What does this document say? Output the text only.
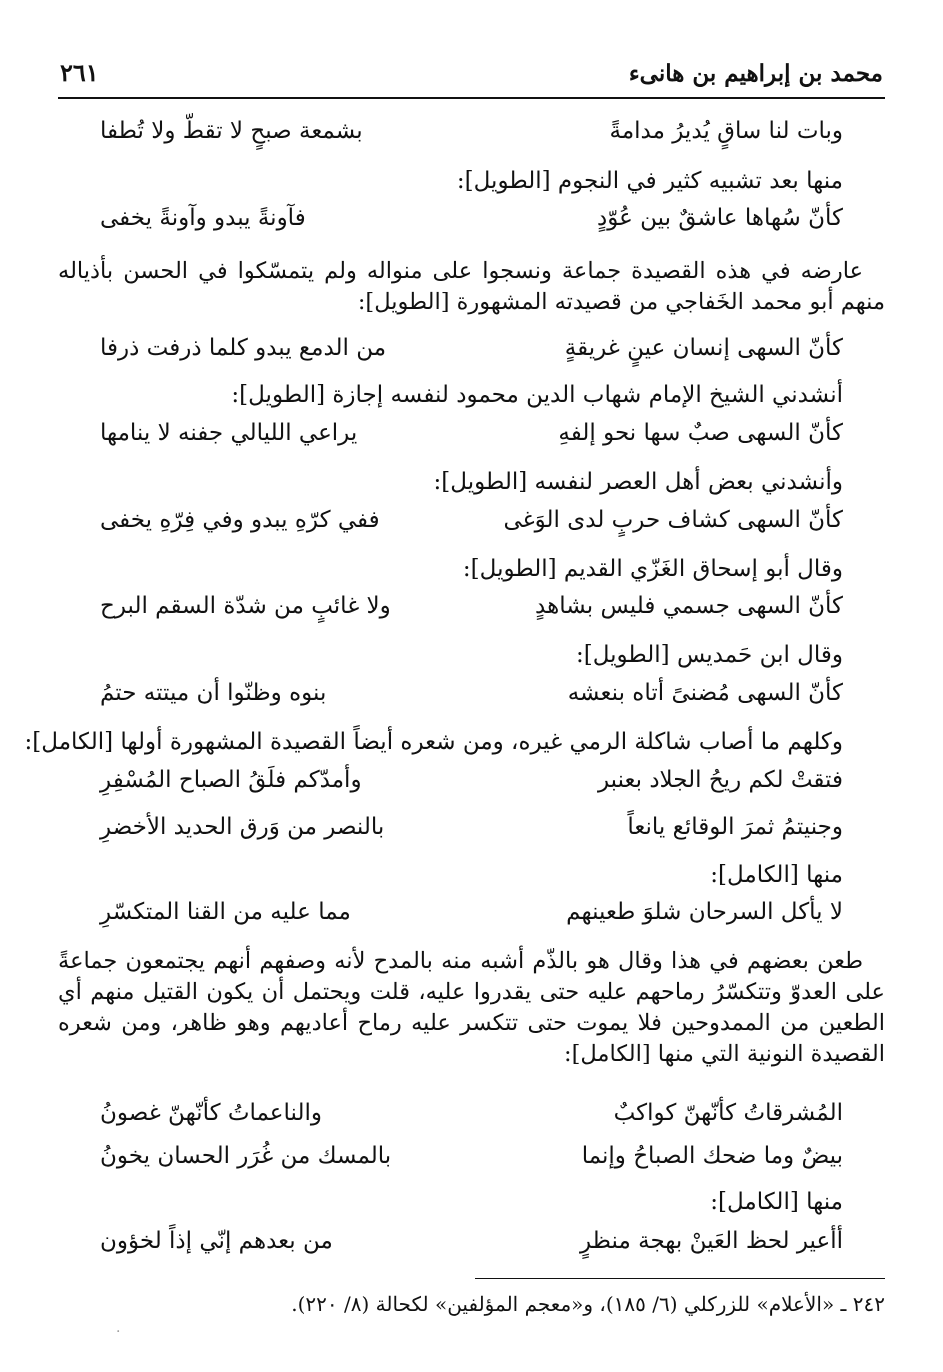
محمد بن إبراهيم بن هانىء
٢٦١
وبات لنا ساقٍ يُديرُ مدامةً
بشمعة صبحٍ لا تقطّ ولا تُطفا
منها بعد تشبيه كثير في النجوم [الطويل]:
كأنّ سُهاها عاشقٌ بين عُوّدٍ
فآونةً يبدو وآونةً يخفى
عارضه في هذه القصيدة جماعة ونسجوا على منواله ولم يتمسّكوا في الحسن بأذياله منهم أبو محمد الخَفاجي من قصيدته المشهورة [الطويل]:
كأنّ السهى إنسان عينٍ غريقةٍ
من الدمع يبدو كلما ذرفت ذرفا
أنشدني الشيخ الإمام شهاب الدين محمود لنفسه إجازة [الطويل]:
كأنّ السهى صبٌ سها نحو إلفهِ
يراعي الليالي جفنه لا ينامها
وأنشدني بعض أهل العصر لنفسه [الطويل]:
كأنّ السهى كشاف حربٍ لدى الوَغى
ففي كرّهِ يبدو وفي فِرّهِ يخفى
وقال أبو إسحاق الغَزّي القديم [الطويل]:
كأنّ السهى جسمي فليس بشاهدٍ
ولا غائبٍ من شدّة السقم البرح
وقال ابن حَمديس [الطويل]:
كأنّ السهى مُضنىً أتاه بنعشه
بنوه وظنّوا أن ميتته حتمُ
وكلهم ما أصاب شاكلة الرمي غيره، ومن شعره أيضاً القصيدة المشهورة أولها [الكامل]:
فتقتْ لكم ريحُ الجلاد بعنبر
وأمدّكم فلَقُ الصباح المُسْفِرِ
وجنيتمُ ثمرَ الوقائع يانعاً
بالنصر من وَرق الحديد الأخضرِ
منها [الكامل]:
لا يأكل السرحان شلوَ طعينهم
مما عليه من القنا المتكسّرِ
طعن بعضهم في هذا وقال هو بالذّم أشبه منه بالمدح لأنه وصفهم أنهم يجتمعون جماعةً على العدوّ وتتكسّرُ رماحهم عليه حتى يقدروا عليه، قلت ويحتمل أن يكون القتيل منهم أي الطعين من الممدوحين فلا يموت حتى تتكسر عليه رماح أعاديهم وهو ظاهر، ومن شعره القصيدة النونية التي منها [الكامل]:
المُشرقاتُ كأنّهنّ كواكبٌ
والناعماتُ كأنّهنّ غصونُ
بيضٌ وما ضحك الصباحُ وإنما
بالمسك من غُرَر الحسان يخونُ
منها [الكامل]:
أأعير لحظ العَينْ بهجة منظرٍ
من بعدهم إنّي إذاً لخؤون
٢٤٢ ـ «الأعلام» للزركلي (٦/ ١٨٥)، و«معجم المؤلفين» لكحالة (٨/ ٢٢٠).
·
